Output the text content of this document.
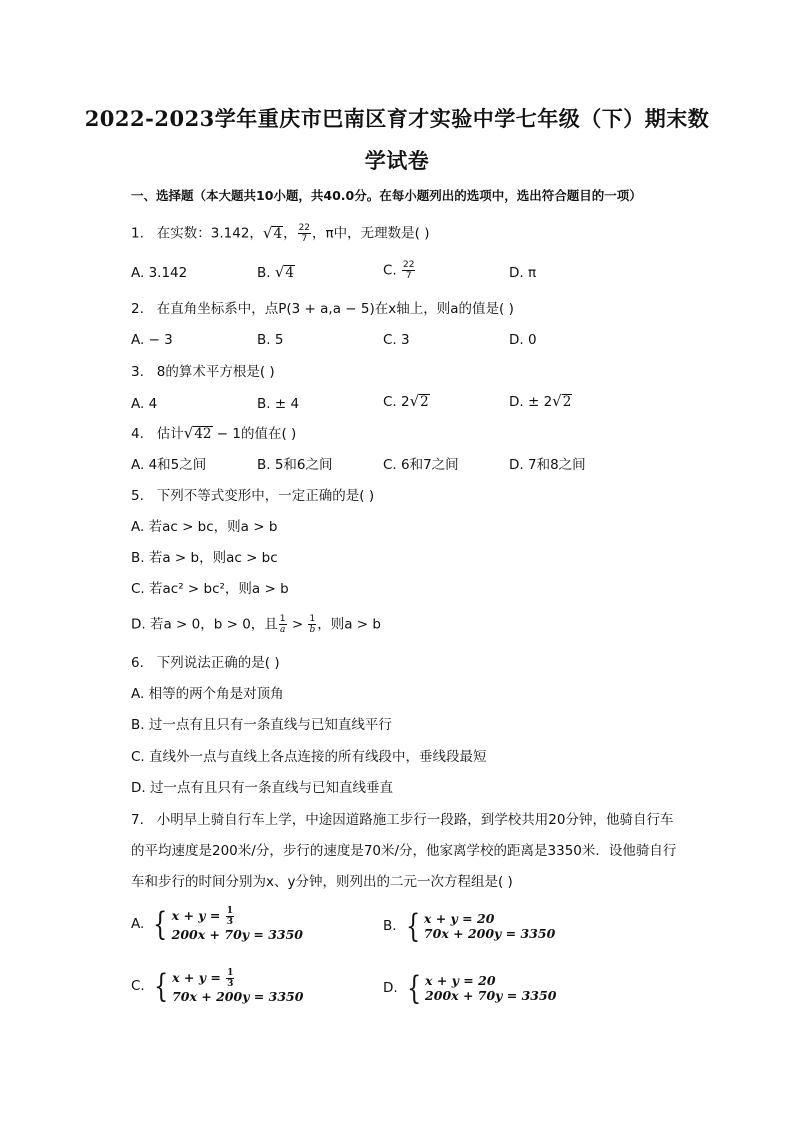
2022-2023学年重庆市巴南区育才实验中学七年级（下）期末数
学试卷
一、选择题（本大题共10小题，共40.0分。在每小题列出的选项中，选出符合题目的一项）
1. 在实数：3.142， √ 4 ， $\frac{22}{7}$ ，π中，无理数是( )
A. 3.142	B. √ 4	C. $\frac{22}{7}$	D. π
2. 在直角坐标系中，点P(3 + a,a − 5)在x轴上，则a的值是( )
A. − 3	B. 5	C. 3	D. 0
3. 8的算术平方根是( )
A. 4	B. ± 4	C. 2 √ 2	D. ± 2 √ 2
4. 估计 √ 42 − 1的值在( )
A. 4和5之间	B. 5和6之间	C. 6和7之间	D. 7和8之间
5. 下列不等式变形中，一定正确的是( )
A. 若ac > bc，则a > b
B. 若a > b，则ac > bc
C. 若ac² > bc²，则a > b
D. 若a > 0，b > 0，且 $\frac{1}{a} > \frac{1}{b}$ ，则a > b
6. 下列说法正确的是( )
A. 相等的两个角是对顶角
B. 过一点有且只有一条直线与已知直线平行
C. 直线外一点与直线上各点连接的所有线段中，垂线段最短
D. 过一点有且只有一条直线与已知直线垂直
7. 小明早上骑自行车上学，中途因道路施工步行一段路，到学校共用20分钟，他骑自行车
的平均速度是200米/分，步行的速度是70米/分，他家离学校的距离是3350米．设他骑自行
车和步行的时间分别为x、y分钟，则列出的二元一次方程组是( )
A. { $x + y = \frac{1}{3}$
200x + 70y = 3350
B. { x + y = 20
70x + 200y = 3350
C. { $x + y = \frac{1}{3}$
70x + 200y = 3350
D. { x + y = 20
200x + 70y = 3350
